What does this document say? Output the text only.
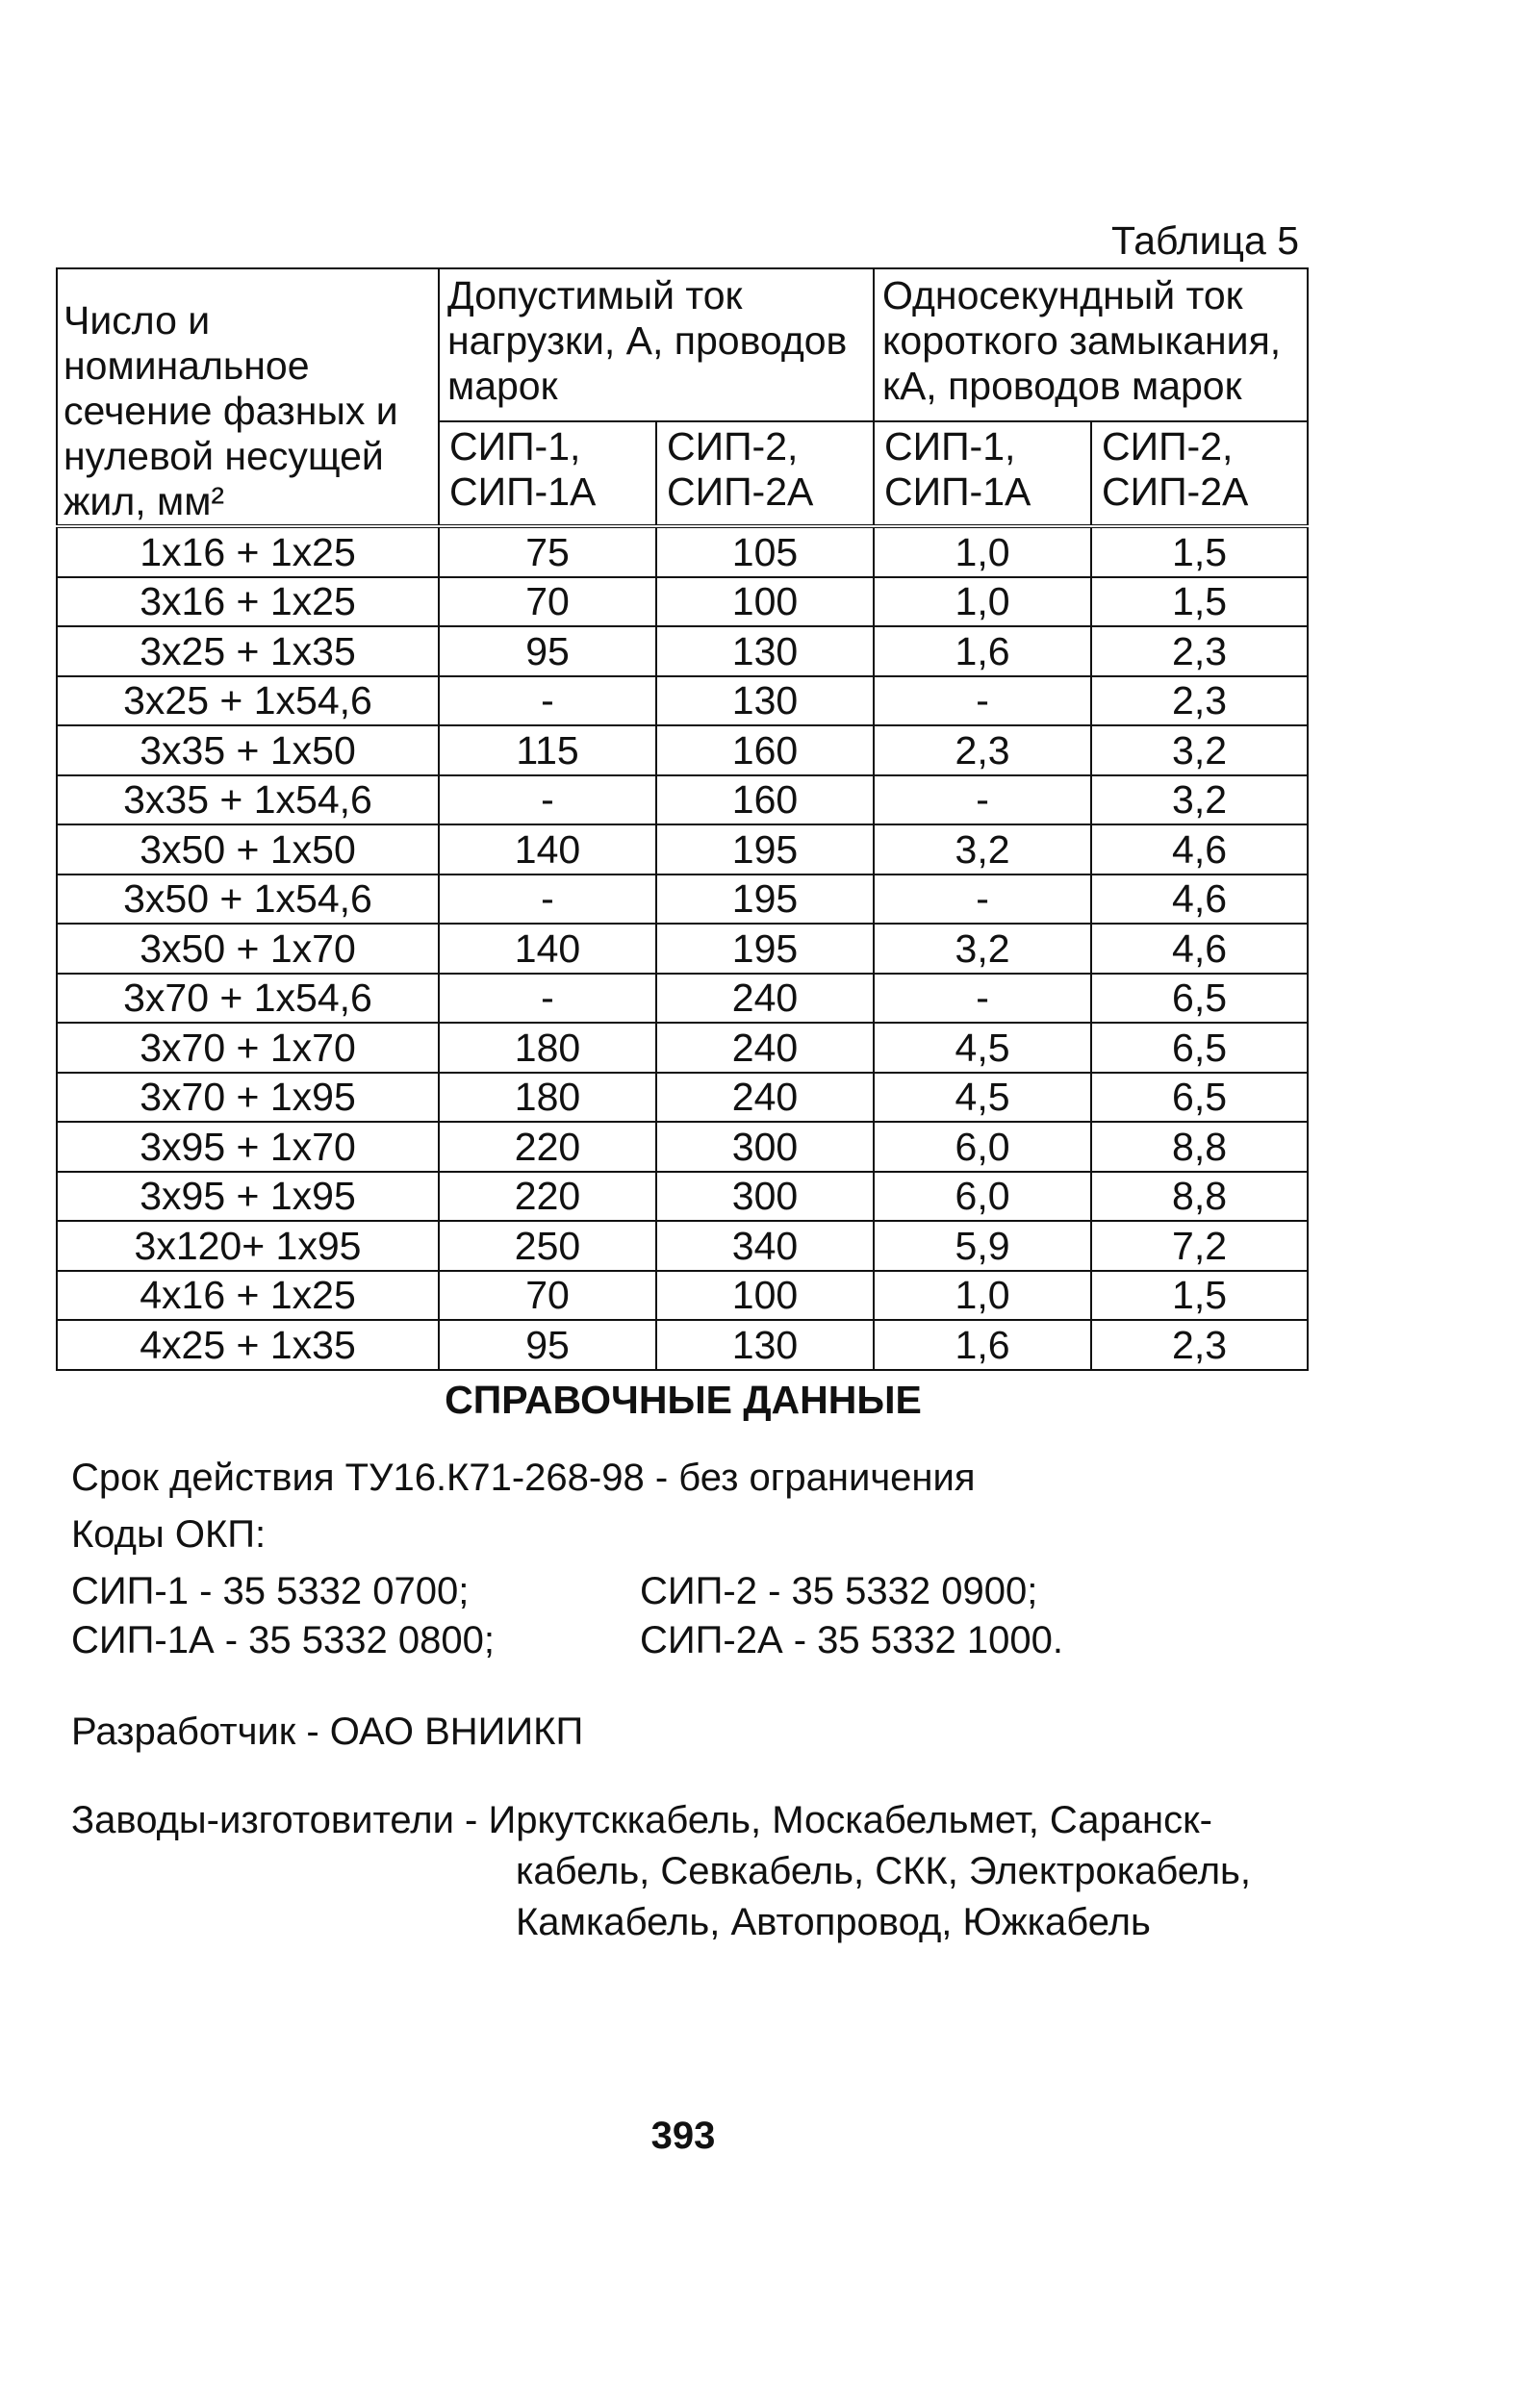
Таблица 5
Число и номинальное сечение фазных и нулевой несущей жил, мм²	Допустимый ток нагрузки, А, проводов марок		Односекундный ток короткого замыкания, кА, проводов марок	
	СИП-1, СИП-1А	СИП-2, СИП-2А	СИП-1, СИП-1А	СИП-2, СИП-2А
1х16 + 1х25	75	105	1,0	1,5
3х16 + 1х25	70	100	1,0	1,5
3х25 + 1х35	95	130	1,6	2,3
3х25 + 1х54,6	-	130	-	2,3
3х35 + 1х50	115	160	2,3	3,2
3х35 + 1х54,6	-	160	-	3,2
3х50 + 1х50	140	195	3,2	4,6
3х50 + 1х54,6	-	195	-	4,6
3х50 + 1х70	140	195	3,2	4,6
3х70 + 1х54,6	-	240	-	6,5
3х70 + 1х70	180	240	4,5	6,5
3х70 + 1х95	180	240	4,5	6,5
3х95 + 1х70	220	300	6,0	8,8
3х95 + 1х95	220	300	6,0	8,8
3х120+ 1х95	250	340	5,9	7,2
4х16 + 1х25	70	100	1,0	1,5
4х25 + 1х35	95	130	1,6	2,3
СПРАВОЧНЫЕ ДАННЫЕ
Срок действия ТУ16.К71-268-98 - без ограничения
Коды ОКП:
СИП-1 - 35 5332 0700;	СИП-2 - 35 5332 0900;
СИП-1А - 35 5332 0800;	СИП-2А - 35 5332 1000.
Разработчик - ОАО ВНИИКП
Заводы-изготовители - Иркутсккабель, Москабельмет, Саранск-
кабель, Севкабель, СКК, Электрокабель,
Камкабель, Автопровод, Южкабель
393
